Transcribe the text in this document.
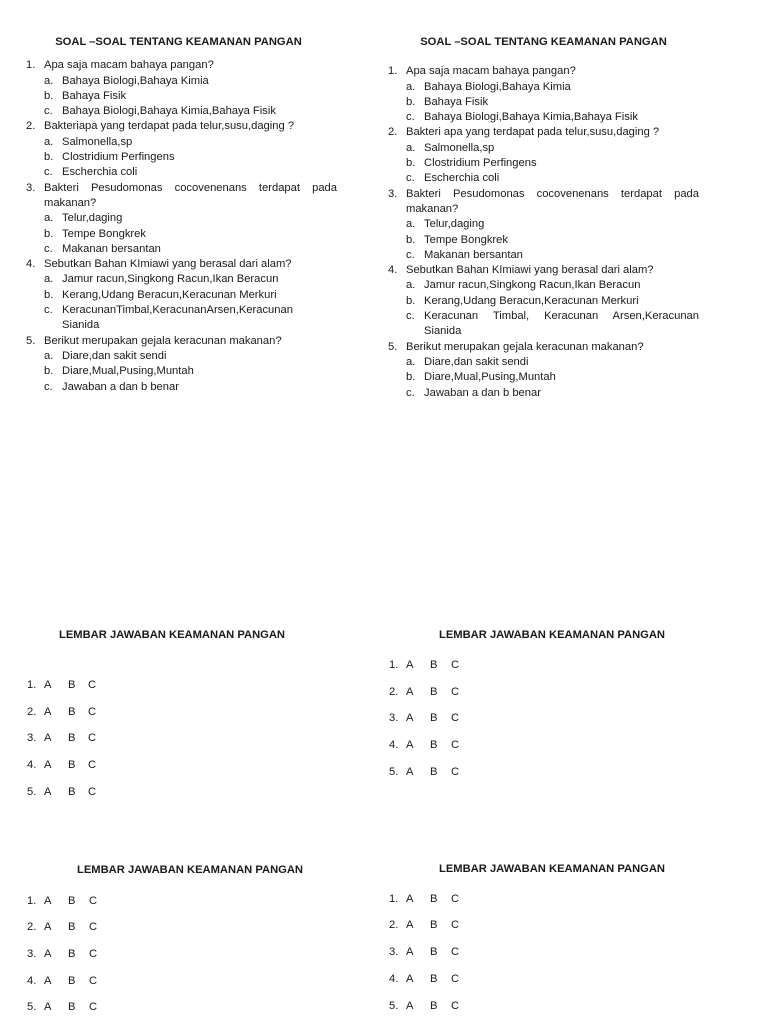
SOAL –SOAL TENTANG KEAMANAN PANGAN
1. Apa saja macam bahaya pangan?
a. Bahaya Biologi,Bahaya Kimia
b. Bahaya Fisik
c. Bahaya Biologi,Bahaya Kimia,Bahaya Fisik
2. Bakteriapa yang terdapat pada telur,susu,daging ?
a. Salmonella,sp
b. Clostridium Perfingens
c. Escherchia coli
3. Bakteri Pesudomonas cocovenenans terdapat pada makanan?
a. Telur,daging
b. Tempe Bongkrek
c. Makanan bersantan
4. Sebutkan Bahan KImiawi yang berasal dari alam?
a. Jamur racun,Singkong Racun,Ikan Beracun
b. Kerang,Udang Beracun,Keracunan Merkuri
c. KeracunanTimbal,KeracunanArsen,Keracunan Sianida
5. Berikut merupakan gejala keracunan makanan?
a. Diare,dan sakit sendi
b. Diare,Mual,Pusing,Muntah
c. Jawaban a dan b benar
SOAL –SOAL TENTANG KEAMANAN PANGAN
1. Apa saja macam bahaya pangan?
a. Bahaya Biologi,Bahaya Kimia
b. Bahaya Fisik
c. Bahaya Biologi,Bahaya Kimia,Bahaya Fisik
2. Bakteri apa yang terdapat pada telur,susu,daging ?
a. Salmonella,sp
b. Clostridium Perfingens
c. Escherchia coli
3. Bakteri Pesudomonas cocovenenans terdapat pada makanan?
a. Telur,daging
b. Tempe Bongkrek
c. Makanan bersantan
4. Sebutkan Bahan KImiawi yang berasal dari alam?
a. Jamur racun,Singkong Racun,Ikan Beracun
b. Kerang,Udang Beracun,Keracunan Merkuri
c. Keracunan Timbal, Keracunan Arsen,Keracunan Sianida
5. Berikut merupakan gejala keracunan makanan?
a. Diare,dan sakit sendi
b. Diare,Mual,Pusing,Muntah
c. Jawaban a dan b benar
LEMBAR JAWABAN KEAMANAN PANGAN	LEMBAR JAWABAN KEAMANAN PANGAN
LEMBAR JAWABAN KEAMANAN PANGAN	LEMBAR JAWABAN KEAMANAN PANGAN
1. A B C
2. A B C
3. A B C
4. A B C
5. A B C
1. A B C
2. A B C
3. A B C
4. A B C
5. A B C
1. A B C
2. A B C
3. A B C
4. A B C
5. A B C
1. A B C
2. A B C
3. A B C
4. A B C
5. A B C
